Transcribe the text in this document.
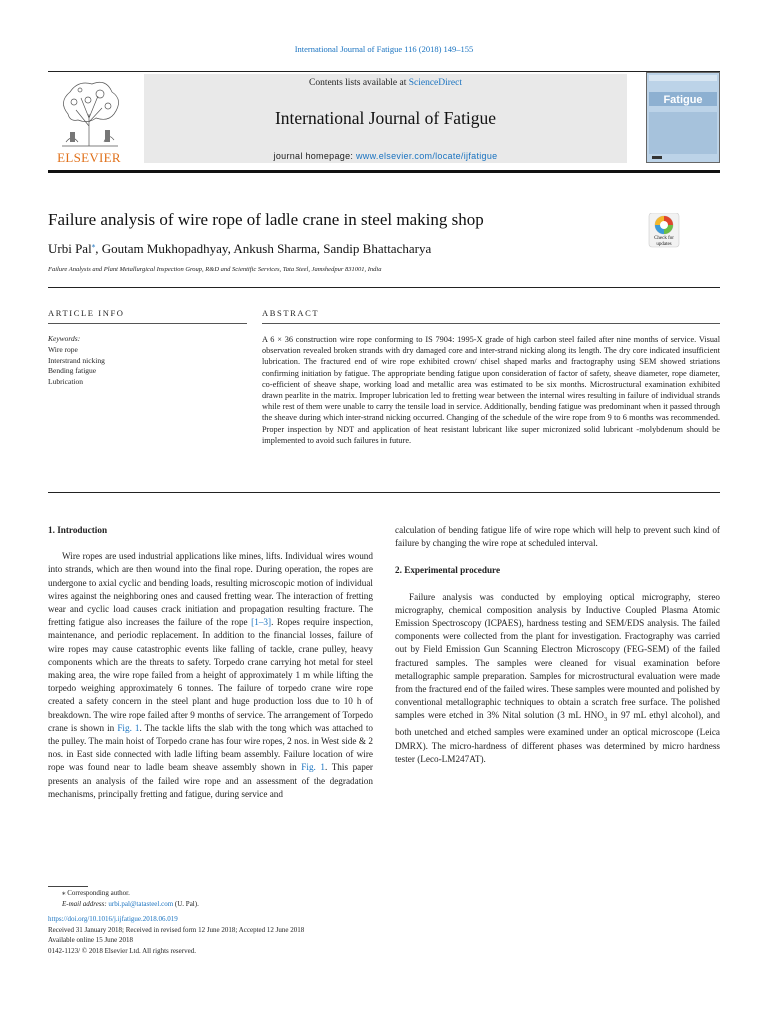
International Journal of Fatigue 116 (2018) 149–155
ELSEVIER
Contents lists available at ScienceDirect
International Journal of Fatigue
journal homepage: www.elsevier.com/locate/ijfatigue
Fatigue
Failure analysis of wire rope of ladle crane in steel making shop
Check for
updates
Urbi Pal⁎, Goutam Mukhopadhyay, Ankush Sharma, Sandip Bhattacharya
Failure Analysis and Plant Metallurgical Inspection Group, R&D and Scientific Services, Tata Steel, Jamshedpur 831001, India
ARTICLE INFO	ABSTRACT
Keywords:
Wire rope
Interstrand nicking
Bending fatigue
Lubrication
A 6 × 36 construction wire rope conforming to IS 7904: 1995-X grade of high carbon steel failed after nine months of service. Visual observation revealed broken strands with dry damaged core and inter-strand nicking along its length. The dry core indicated insufficient lubrication. The fractured end of wire rope exhibited crown/ chisel shaped marks and fractography using SEM showed striations confirming initiation by fatigue. The appropriate bending fatigue upon consideration of factor of safety, sheave diameter, rope diameter, co-efficient of sheave shape, working load and metallic area was estimated to be six months. Microstructural examination exhibited drawn pearlite in the matrix. Improper lubrication led to fretting wear between the internal wires resulting in failure of individual strands while rest of them were unable to carry the tensile load in service. Additionally, bending fatigue was predominant when it passed through the sheave during which inter-strand nicking occurred. Changing of the schedule of the wire rope from 9 to 6 months was recommended. Proper inspection by NDT and application of heat resistant lubricant like super micronized solid lubricant -molybdenum should be implemented to avoid such failures in future.

1. Introduction

Wire ropes are used industrial applications like mines, lifts. Individual wires wound into strands, which are then wound into the final rope. During operation, the ropes are undergone to axial cyclic and bending loads, resulting microscopic motion of individual wires against the neighboring ones and caused fretting wear. The interaction of fretting wear and cyclic load causes crack initiation and propagation resulting fracture. The fretting fatigue also increases the failure of the rope [1–3]. Ropes require inspection, maintenance, and periodic replacement. In addition to the financial losses, failure of wire ropes may cause catastrophic events like falling of tackle, crane pulley, heavy components which are the threats to safety. Torpedo crane carrying hot metal for steel making area, the wire rope failed from a height of approximately 1 m while lifting the torpedo weighing approximately 6 tonnes. The failure of torpedo crane wire rope created a safety concern in the steel plant and huge production loss due to 10 h of breakdown. The wire rope failed after 9 months of service. The arrangement of Torpedo crane is shown in Fig. 1. The tackle lifts the slab with the tong which was attached to the pulley. The main hoist of Torpedo crane has four wire ropes, 2 nos. in West side & 2 nos. in East side connected with ladle lifting beam assembly. Failure location of wire rope was found near to ladle beam sheave assembly shown in Fig. 1. This paper presents an analysis of the failed wire rope and an assessment of the degradation mechanisms, principally fretting and fatigue, during service and

calculation of bending fatigue life of wire rope which will help to prevent such kind of failure by changing the wire rope at scheduled interval.

2. Experimental procedure

Failure analysis was conducted by employing optical micrography, stereo micrography, chemical composition analysis by Inductive Coupled Plasma Atomic Emission Spectroscopy (ICPAES), hardness testing and SEM/EDS analysis. The failed components were collected from the plant for investigation. Fractography was carried out by Field Emission Gun Scanning Electron Microscopy (FEG-SEM) of the failed fractured samples. The samples were cleaned for visual examination before metallographic sample preparation. Samples for microstructural evaluation were made from the fractured end of the failed wires. These samples were mounted and polished by conventional metallographic techniques to obtain a scratch free surface. The polished samples were etched in 3% Nital solution (3 mL $HNO_3$ in 97 mL ethyl alcohol), and both unetched and etched samples were examined under an optical microscope (Leica DMRX). The micro-hardness of different phases was determined by micro hardness tester (Leco-LM247AT).

⁎ Corresponding author.
E-mail address: urbi.pal@tatasteel.com (U. Pal).
https://doi.org/10.1016/j.ijfatigue.2018.06.019
Received 31 January 2018; Received in revised form 12 June 2018; Accepted 12 June 2018
Available online 15 June 2018
0142-1123/ © 2018 Elsevier Ltd. All rights reserved.
